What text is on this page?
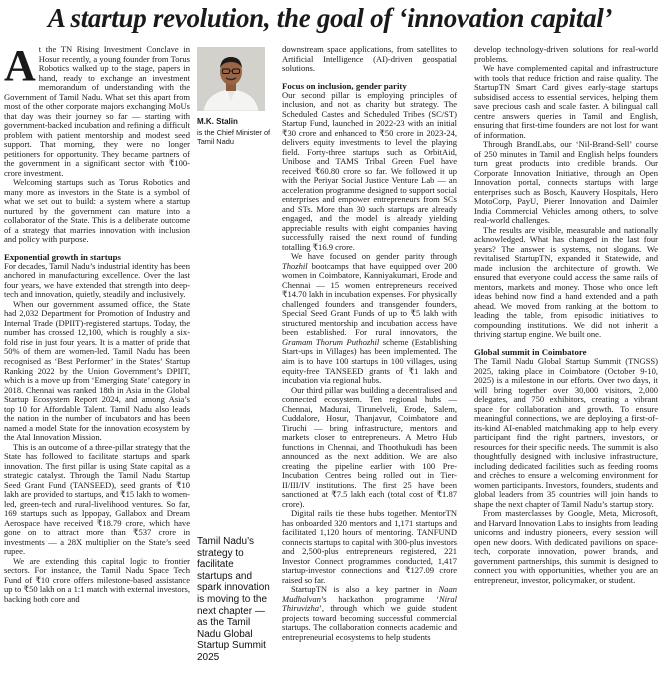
A startup revolution, the goal of ‘innovation capital’

At the TN Rising Investment Conclave in Hosur recently, a young founder from Torus Robotics walked up to the stage, papers in hand, ready to exchange an investment memorandum of understanding with the Government of Tamil Nadu. What set this apart from most of the other corporate majors exchanging MoUs that day was their journey so far — starting with government-backed incubation and refining a difficult problem with patient mentorship and modest seed support. That morning, they were no longer petitioners for opportunity. They became partners of the government in a significant sector with ₹100-crore investment.

Welcoming startups such as Torus Robotics and many more as investors in the State is a symbol of what we set out to build: a system where a startup nurtured by the government can mature into a collaborator of the State. This is a deliberate outcome of a strategy that marries innovation with inclusion and policy with purpose.

Exponential growth in startups

For decades, Tamil Nadu’s industrial identity has been anchored in manufacturing excellence. Over the last four years, we have extended that strength into deep-tech and innovation, quietly, steadily and inclusively.

When our government assumed office, the State had 2,032 Department for Promotion of Industry and Internal Trade (DPIIT)-registered startups. Today, the number has crossed 12,100, which is roughly a six-fold rise in just four years. It is a matter of pride that 50% of them are women-led. Tamil Nadu has been recognised as ‘Best Performer’ in the States’ Startup Ranking 2022 by the Union Government’s DPIIT, which is a move up from ‘Emerging State’ category in 2018. Chennai was ranked 18th in Asia in the Global Startup Ecosystem Report 2024, and among Asia’s top 10 for Affordable Talent. Tamil Nadu also leads the nation in the number of incubators and has been named a model State for the innovation ecosystem by the Atal Innovation Mission.

This is an outcome of a three-pillar strategy that the State has followed to facilitate startups and spark innovation. The first pillar is using State capital as a strategic catalyst. Through the Tamil Nadu Startup Seed Grant Fund (TANSEED), seed grants of ₹10 lakh are provided to startups, and ₹15 lakh to women-led, green-tech and rural-livelihood ventures. So far, 169 startups such as Ippopay, Gallabox and Dream Aerospace have received ₹18.79 crore, which have gone on to attract more than ₹537 crore in investments — a 28X multiplier on the State’s seed rupee.

We are extending this capital logic to frontier sectors. For instance, the Tamil Nadu Space Tech Fund of ₹10 crore offers milestone-based assistance up to ₹50 lakh on a 1:1 match with external investors, backing both core and

M.K. Stalin
is the Chief Minister of Tamil Nadu
Tamil Nadu’s strategy to facilitate startups and spark innovation is moving to the next chapter — as the Tamil Nadu Global Startup Summit 2025

downstream space applications, from satellites to Artificial Intelligence (AI)-driven geospatial solutions.

Focus on inclusion, gender parity

Our second pillar is employing principles of inclusion, and not as charity but strategy. The Scheduled Castes and Scheduled Tribes (SC/ST) Startup Fund, launched in 2022-23 with an initial ₹30 crore and enhanced to ₹50 crore in 2023-24, delivers equity investments to level the playing field. Forty-three startups such as OrbitAid, Unibose and TAMS Tribal Green Fuel have received ₹60.80 crore so far. We followed it up with the Periyar Social Justice Venture Lab — an acceleration programme designed to support social enterprises and empower entrepreneurs from SCs and STs. More than 30 such startups are already engaged, and the model is already yielding appreciable results with eight companies having successfully raised the next round of funding totalling ₹16.9 crore.

We have focused on gender parity through Thozhil bootcamps that have equipped over 200 women in Coimbatore, Kanniyakumari, Erode and Chennai — 15 women entrepreneurs received ₹14.70 lakh in incubation expenses. For physically challenged founders and transgender founders, Special Seed Grant Funds of up to ₹5 lakh with structured mentorship and incubation access have been established. For rural innovators, the Gramam Thorum Puthozhil scheme (Establishing Start-ups in Villages) has been implemented. The aim is to have 100 startups in 100 villages, using equity-free TANSEED grants of ₹1 lakh and incubation via regional hubs.

Our third pillar was building a decentralised and connected ecosystem. Ten regional hubs — Chennai, Madurai, Tirunelveli, Erode, Salem, Cuddalore, Hosur, Thanjavur, Coimbatore and Tiruchi — bring infrastructure, mentors and markets closer to entrepreneurs. A Metro Hub functions in Chennai, and Thoothukudi has been announced as the next addition. We are also creating the pipeline earlier with 100 Pre-Incubation Centres being rolled out in Tier-II/III/IV institutions. The first 25 have been sanctioned at ₹7.5 lakh each (total cost of ₹1.87 crore).

Digital rails tie these hubs together. MentorTN has onboarded 320 mentors and 1,171 startups and facilitated 1,120 hours of mentoring. TANFUND connects startups to capital with 300-plus investors and 2,500-plus entrepreneurs registered, 221 Investor Connect programmes conducted, 1,417 startup-investor connections and ₹127.09 crore raised so far.

StartupTN is also a key partner in Naan Mudhalvan’s hackathon programme ‘Niral Thiruvizha’, through which we guide student projects toward becoming successful commercial startups. The collaboration connects academic and entrepreneurial ecosystems to help students

develop technology-driven solutions for real-world problems.

We have complemented capital and infrastructure with tools that reduce friction and raise quality. The StartupTN Smart Card gives early-stage startups subsidised access to essential services, helping them save precious cash and scale faster. A bilingual call centre answers queries in Tamil and English, ensuring that first-time founders are not lost for want of information.

Through BrandLabs, our ‘Nil-Brand-Sell’ course of 250 minutes in Tamil and English helps founders turn great products into credible brands. Our Corporate Innovation Initiative, through an Open Innovation portal, connects startups with large enterprises such as Bosch, Kauvery Hospitals, Hero MotoCorp, PayU, Pierer Innovation and Daimler India Commercial Vehicles among others, to solve real-world challenges.

The results are visible, measurable and nationally acknowledged. What has changed in the last four years? The answer is systems, not slogans. We revitalised StartupTN, expanded it Statewide, and made inclusion the architecture of growth. We ensured that everyone could access the same rails of mentors, markets and money. Those who once left ideas behind now find a hand extended and a path ahead. We moved from ranking at the bottom to leading the table, from episodic initiatives to compounding institutions. We did not inherit a thriving startup engine. We built one.

Global summit in Coimbatore

The Tamil Nadu Global Startup Summit (TNGSS) 2025, taking place in Coimbatore (October 9-10, 2025) is a milestone in our efforts. Over two days, it will bring together over 30,000 visitors, 2,000 delegates, and 750 exhibitors, creating a vibrant space for collaboration and growth. To ensure meaningful connections, we are deploying a first-of-its-kind AI-enabled matchmaking app to help every participant find the right partners, investors, or resources for their specific needs. The summit is also thoughtfully designed with inclusive infrastructure, including dedicated facilities such as feeding rooms and crèches to ensure a welcoming environment for women participants. Investors, founders, students and global leaders from 35 countries will join hands to shape the next chapter of Tamil Nadu’s startup story.

From masterclasses by Google, Meta, Microsoft, and Harvard Innovation Labs to insights from leading unicorns and industry pioneers, every session will open new doors. With dedicated pavilions on space-tech, corporate innovation, power brands, and government partnerships, this summit is designed to connect you with opportunities, whether you are an entrepreneur, investor, policymaker, or student.
